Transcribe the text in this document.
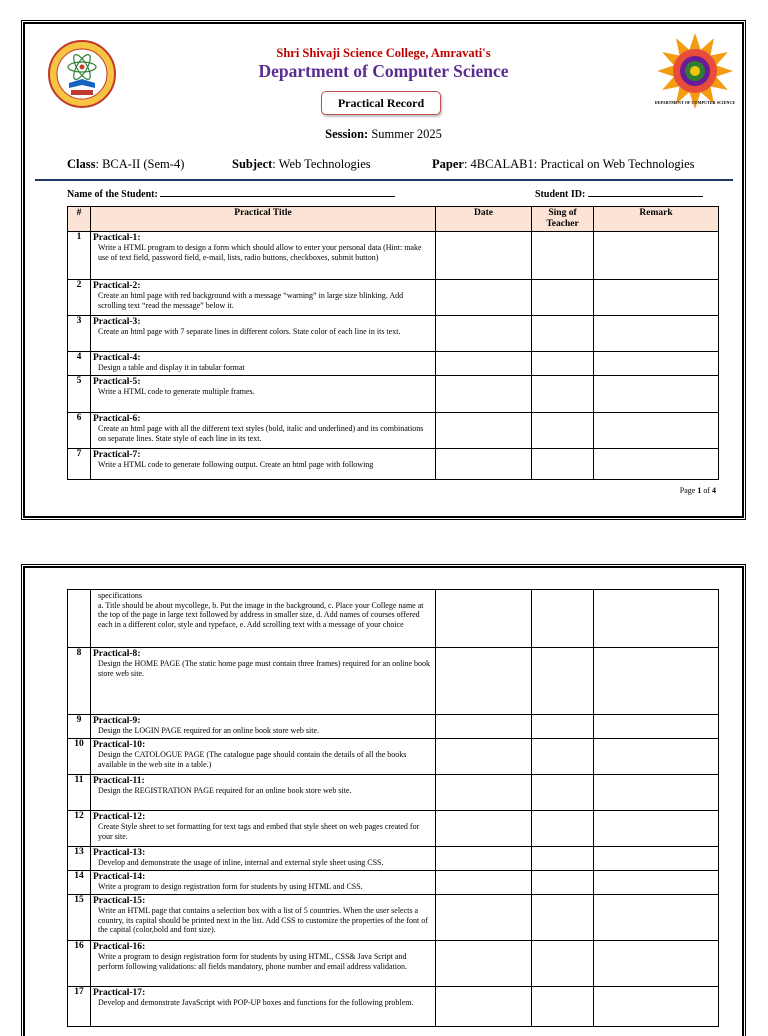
Shri Shivaji Science College, Amravati's
Department of Computer Science
DEPARTMENT OF COMPUTER SCIENCE
Practical Record
Session: Summer 2025
Class: BCA-II (Sem-4)	Subject: Web Technologies	Paper: 4BCALAB1: Practical on Web Technologies
Name of the Student:	Student ID:
#	Practical Title	Date	Sing of Teacher	Remark
1	Practical-1:
Write a HTML program to design a form which should allow to enter your personal data (Hint: make use of text field, password field, e-mail, lists, radio buttons, checkboxes, submit button)			

2	Practical-2:
Create an html page with red background with a message “warning” in large size blinking. Add scrolling text “read the message” below it.			

3	Practical-3:
Create an html page with 7 separate lines in different colors. State color of each line in its text.			

4	Practical-4:
Design a table and display it in tabular format			

5	Practical-5:
Write a HTML code to generate multiple frames.			

6	Practical-6:
Create an html page with all the different text styles (bold, italic and underlined) and its combinations on separate lines. State style of each line in its text.			

7	Practical-7:
Write a HTML code to generate following output. Create an html page with following			

Page 1 of 4

	specifications
a. Title should be about mycollege, b. Put the image in the background, c. Place your College name at the top of the page in large text followed by address in smaller size, d. Add names of courses offered each in a different color, style and typeface, e. Add scrolling text with a message of your choice			

8	Practical-8:
Design the HOME PAGE (The static home page must contain three frames) required for an online book store web site.			

9	Practical-9:
Design the LOGIN PAGE required for an online book store web site.			

10	Practical-10:
Design the CATOLOGUE PAGE (The catalogue page should contain the details of all the books available in the web site in a table.)			

11	Practical-11:
Design the REGISTRATION PAGE required for an online book store web site.			

12	Practical-12:
Create Style sheet to set formatting for text tags and embed that style sheet on web pages created for your site.			

13	Practical-13:
Develop and demonstrate the usage of inline, internal and external style sheet using CSS.			

14	Practical-14:
Write a program to design registration form for students by using HTML and CSS.			

15	Practical-15:
Write an HTML page that contains a selection box with a list of 5 countries. When the user selects a country, its capital should be printed next in the list. Add CSS to customize the properties of the font of the capital (color,bold and font size).			

16	Practical-16:
Write a program to design registration form for students by using HTML, CSS& Java Script and perform following validations: all fields mandatory, phone number and email address validation.			

17	Practical-17:
Develop and demonstrate JavaScript with POP-UP boxes and functions for the following problem.			
